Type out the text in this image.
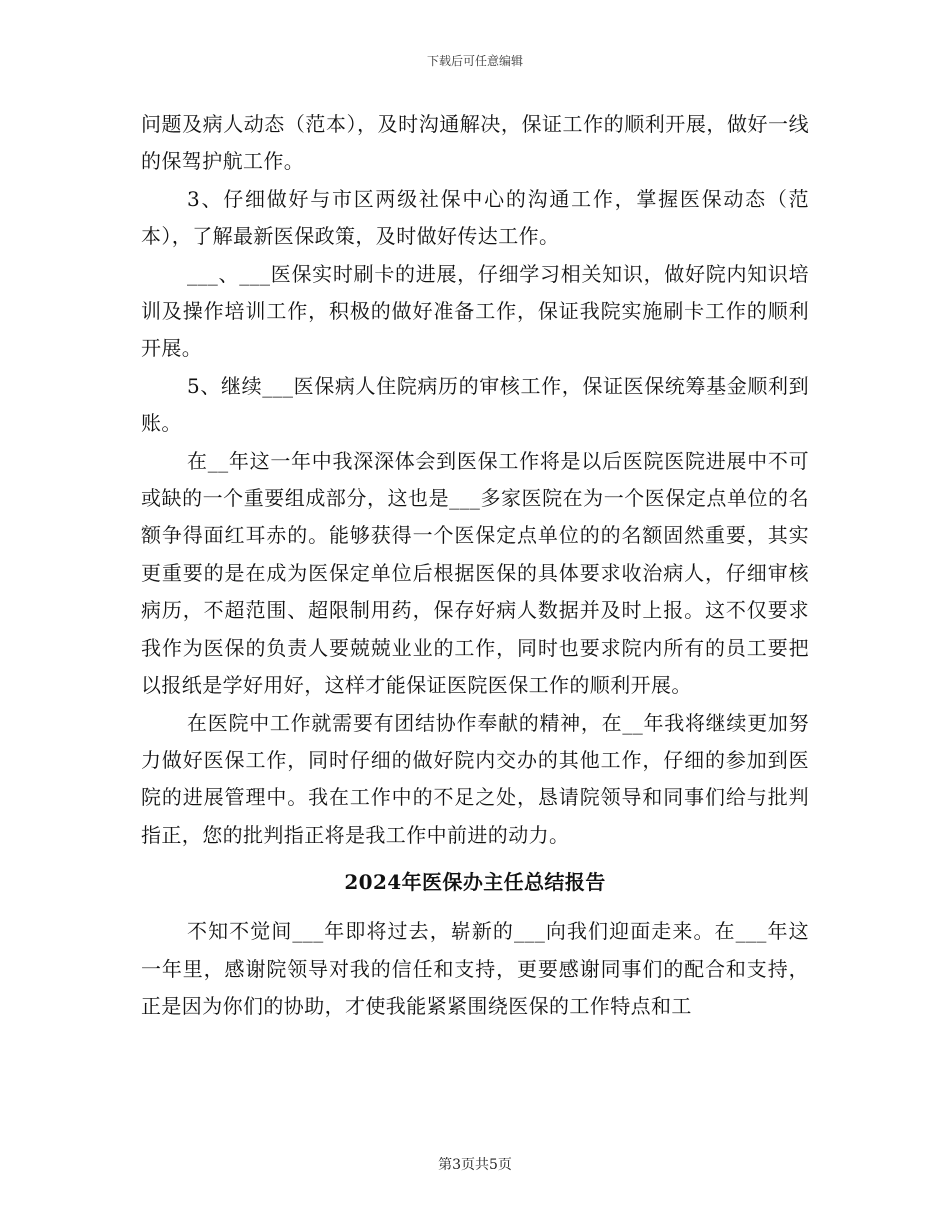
下载后可任意编辑

问题及病人动态（范本），及时沟通解决，保证工作的顺利开展，做好一线的保驾护航工作。

3、仔细做好与市区两级社保中心的沟通工作，掌握医保动态（范本），了解最新医保政策，及时做好传达工作。

___、___医保实时刷卡的进展，仔细学习相关知识，做好院内知识培训及操作培训工作，积极的做好准备工作，保证我院实施刷卡工作的顺利开展。

5、继续___医保病人住院病历的审核工作，保证医保统筹基金顺利到账。

在__年这一年中我深深体会到医保工作将是以后医院医院进展中不可或缺的一个重要组成部分，这也是___多家医院在为一个医保定点单位的名额争得面红耳赤的。能够获得一个医保定点单位的的名额固然重要，其实更重要的是在成为医保定单位后根据医保的具体要求收治病人，仔细审核病历，不超范围、超限制用药，保存好病人数据并及时上报。这不仅要求我作为医保的负责人要兢兢业业的工作，同时也要求院内所有的员工要把以报纸是学好用好，这样才能保证医院医保工作的顺利开展。

在医院中工作就需要有团结协作奉献的精神，在__年我将继续更加努力做好医保工作，同时仔细的做好院内交办的其他工作，仔细的参加到医院的进展管理中。我在工作中的不足之处，恳请院领导和同事们给与批判指正，您的批判指正将是我工作中前进的动力。

2024年医保办主任总结报告

不知不觉间___年即将过去，崭新的___向我们迎面走来。在___年这一年里，感谢院领导对我的信任和支持，更要感谢同事们的配合和支持，正是因为你们的协助，才使我能紧紧围绕医保的工作特点和工

第3页共5页
